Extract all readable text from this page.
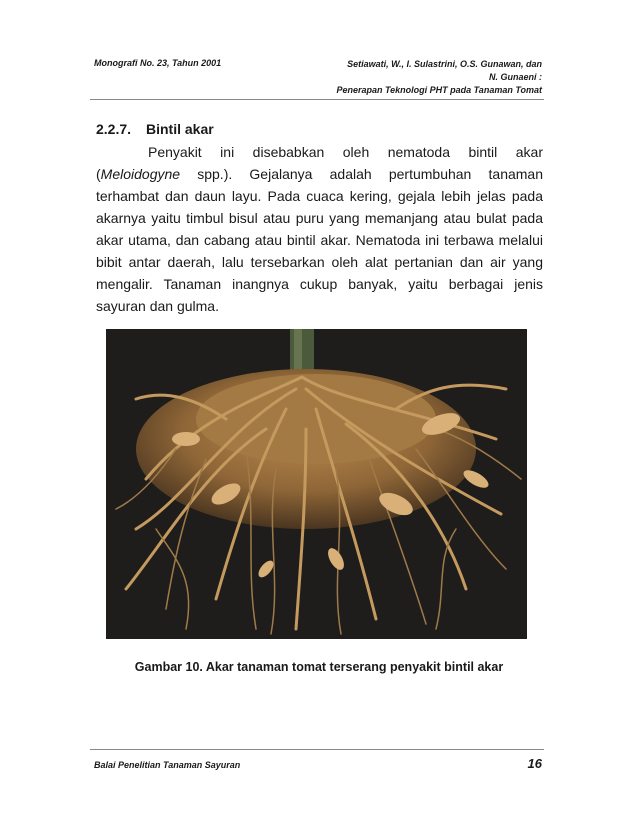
Monografi No. 23, Tahun 2001	Setiawati, W., I. Sulastrini, O.S. Gunawan, dan
N. Gunaeni :
Penerapan Teknologi PHT pada Tanaman Tomat
2.2.7. Bintil akar

Penyakit ini disebabkan oleh nematoda bintil akar (Meloidogyne spp.). Gejalanya adalah pertumbuhan tanaman terhambat dan daun layu. Pada cuaca kering, gejala lebih jelas pada akarnya yaitu timbul bisul atau puru yang memanjang atau bulat pada akar utama, dan cabang atau bintil akar. Nematoda ini terbawa melalui bibit antar daerah, lalu tersebarkan oleh alat pertanian dan air yang mengalir. Tanaman inangnya cukup banyak, yaitu berbagai jenis sayuran dan gulma.

Gambar 10. Akar tanaman tomat terserang penyakit bintil akar
Balai Penelitian Tanaman Sayuran	16
